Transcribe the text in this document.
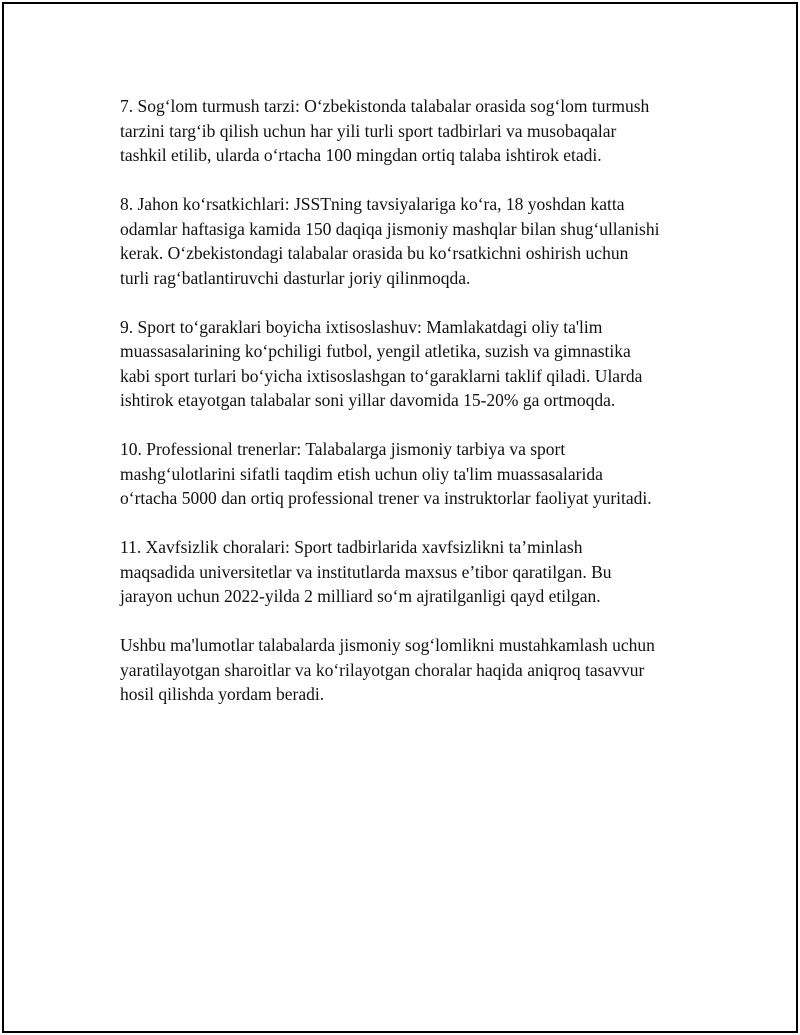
7. Sog‘lom turmush tarzi: O‘zbekistonda talabalar orasida sog‘lom turmush
tarzini targ‘ib qilish uchun har yili turli sport tadbirlari va musobaqalar
tashkil etilib, ularda o‘rtacha 100 mingdan ortiq talaba ishtirok etadi.

8. Jahon ko‘rsatkichlari: JSSTning tavsiyalariga ko‘ra, 18 yoshdan katta
odamlar haftasiga kamida 150 daqiqa jismoniy mashqlar bilan shug‘ullanishi
kerak. O‘zbekistondagi talabalar orasida bu ko‘rsatkichni oshirish uchun
turli rag‘batlantiruvchi dasturlar joriy qilinmoqda.

9. Sport to‘garaklari boyicha ixtisoslashuv: Mamlakatdagi oliy ta'lim
muassasalarining ko‘pchiligi futbol, yengil atletika, suzish va gimnastika
kabi sport turlari bo‘yicha ixtisoslashgan to‘garaklarni taklif qiladi. Ularda
ishtirok etayotgan talabalar soni yillar davomida 15-20% ga ortmoqda.

10. Professional trenerlar: Talabalarga jismoniy tarbiya va sport
mashg‘ulotlarini sifatli taqdim etish uchun oliy ta'lim muassasalarida
o‘rtacha 5000 dan ortiq professional trener va instruktorlar faoliyat yuritadi.

11. Xavfsizlik choralari: Sport tadbirlarida xavfsizlikni ta’minlash
maqsadida universitetlar va institutlarda maxsus e’tibor qaratilgan. Bu
jarayon uchun 2022-yilda 2 milliard so‘m ajratilganligi qayd etilgan.

Ushbu ma'lumotlar talabalarda jismoniy sog‘lomlikni mustahkamlash uchun
yaratilayotgan sharoitlar va ko‘rilayotgan choralar haqida aniqroq tasavvur
hosil qilishda yordam beradi.
